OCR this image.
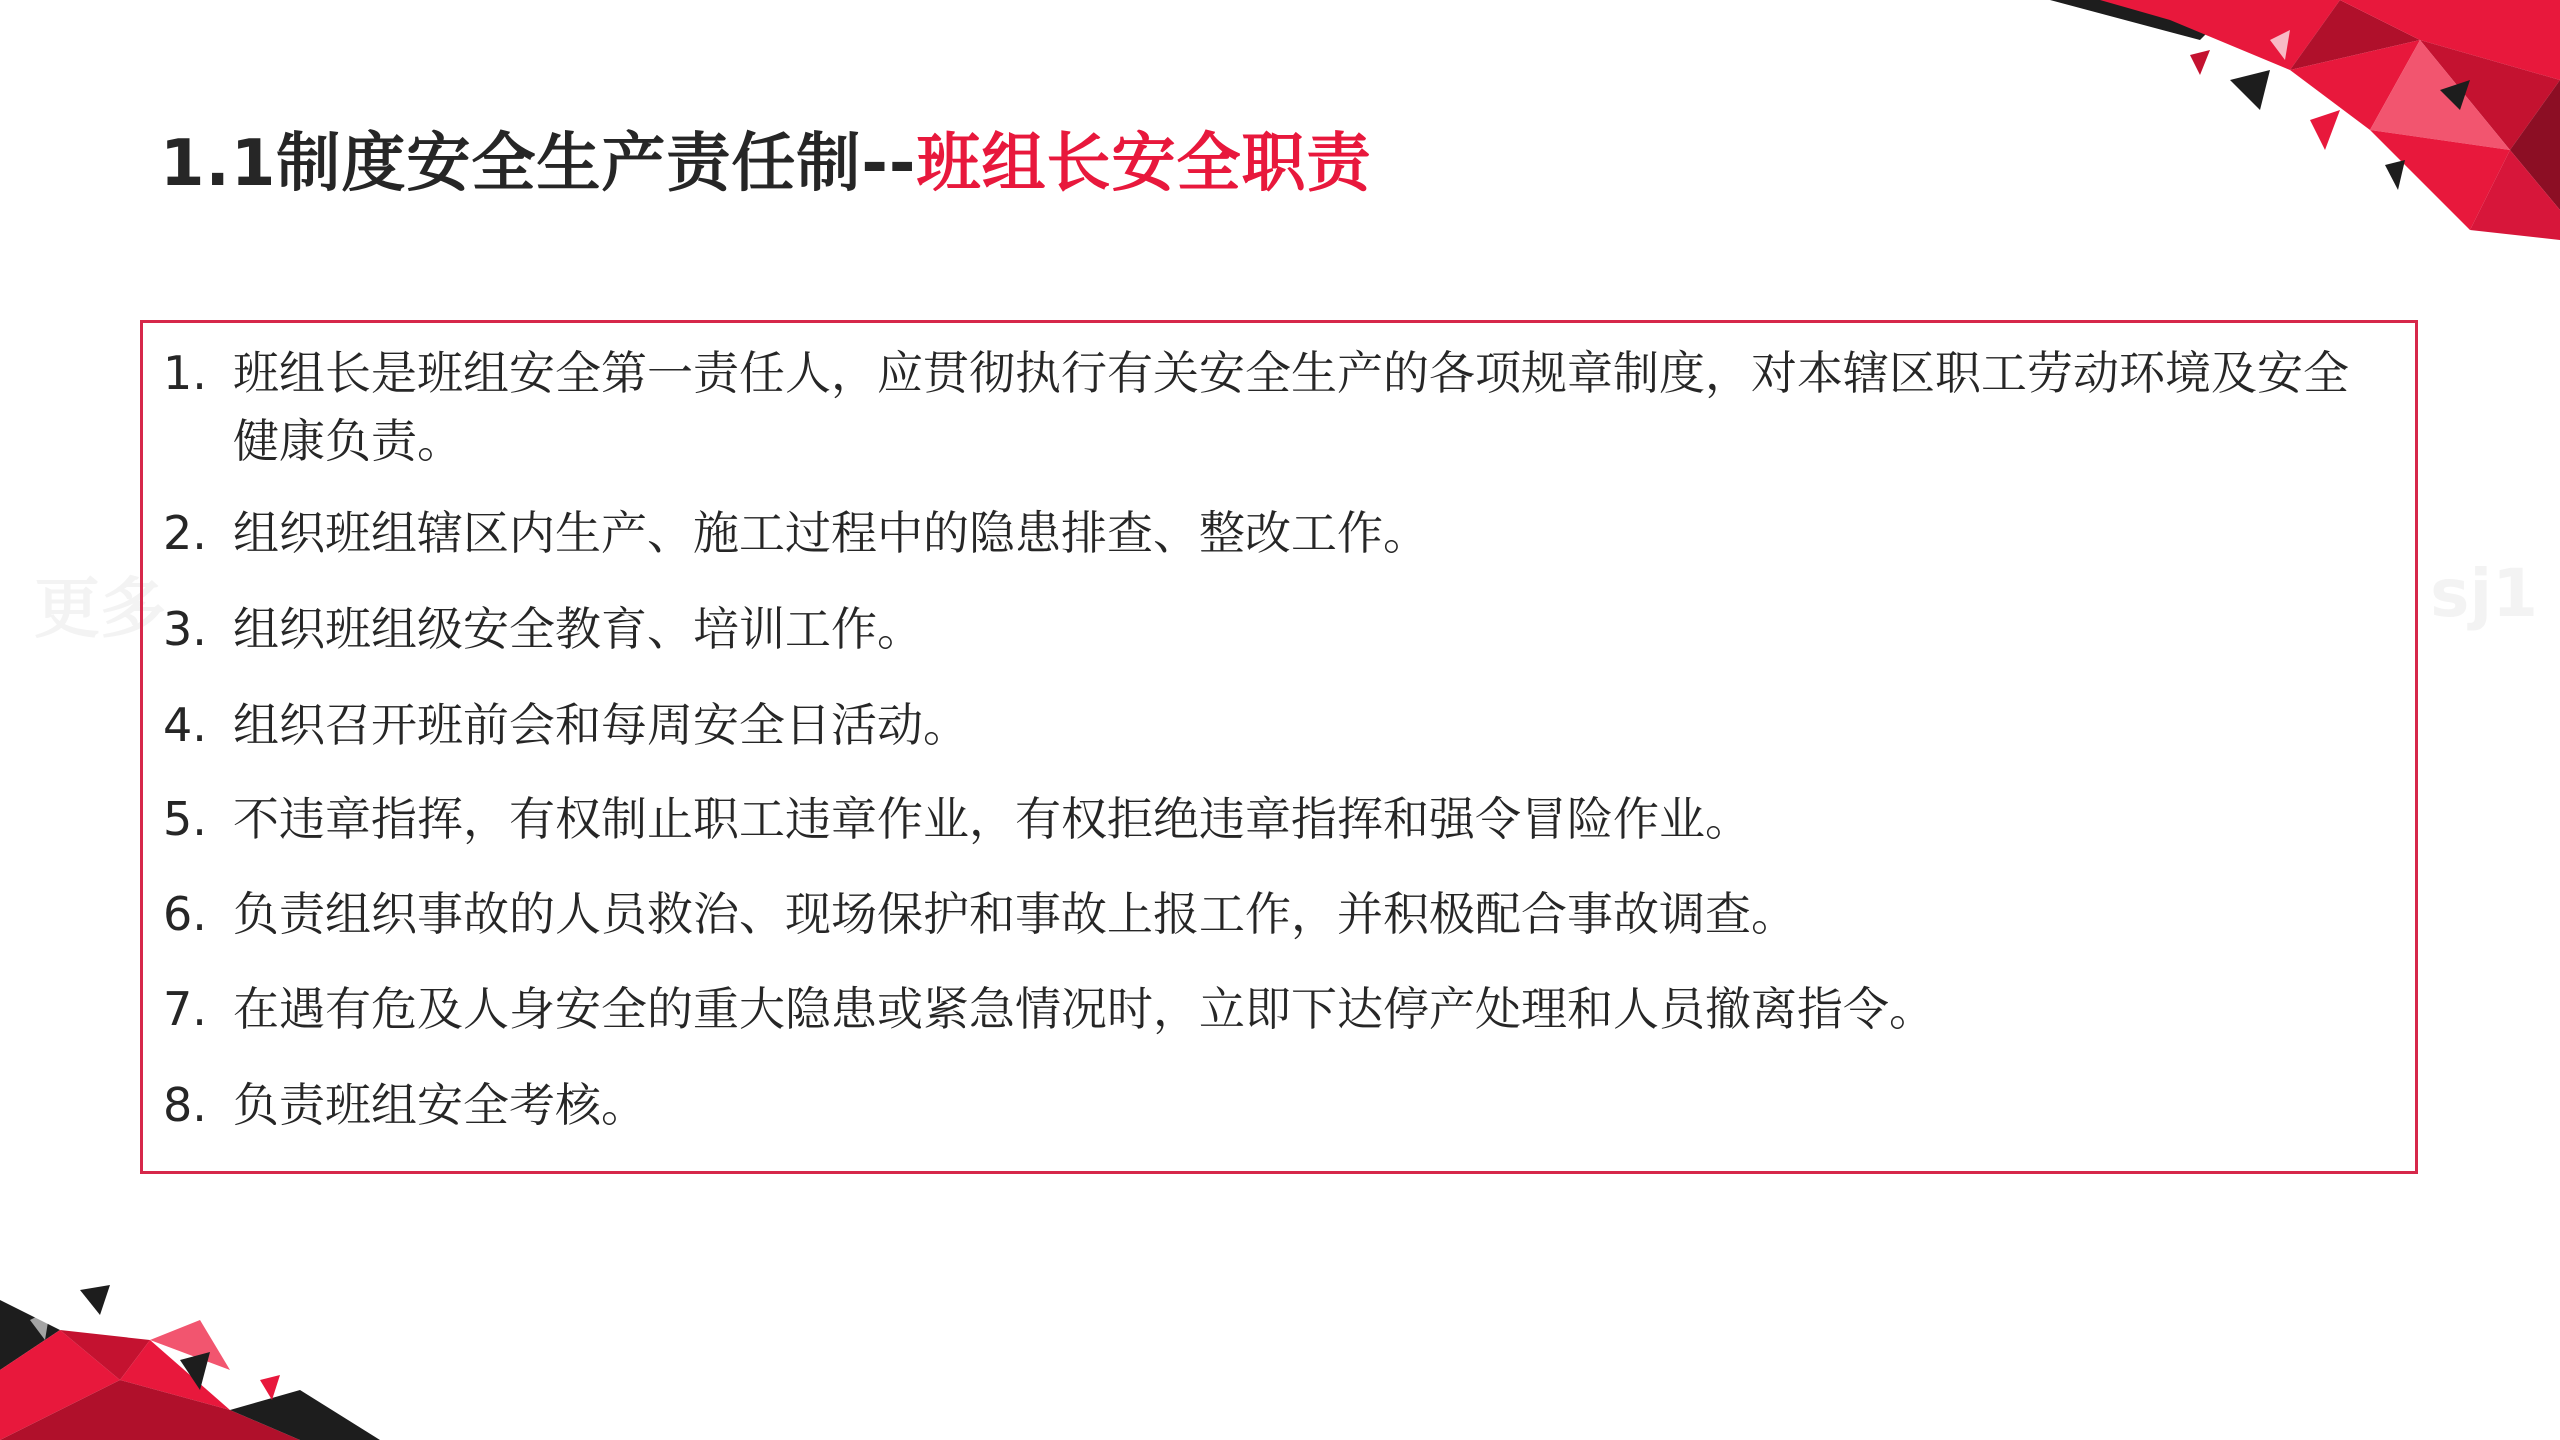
更多	sj1
1.1制度安全生产责任制--班组长安全职责
1. 班组长是班组安全第一责任人，应贯彻执行有关安全生产的各项规章制度，对本辖区职工劳动环境及安全健康负责。
2. 组织班组辖区内生产、施工过程中的隐患排查、整改工作。
3. 组织班组级安全教育、培训工作。
4. 组织召开班前会和每周安全日活动。
5. 不违章指挥，有权制止职工违章作业，有权拒绝违章指挥和强令冒险作业。
6. 负责组织事故的人员救治、现场保护和事故上报工作，并积极配合事故调查。
7. 在遇有危及人身安全的重大隐患或紧急情况时，立即下达停产处理和人员撤离指令。
8. 负责班组安全考核。
